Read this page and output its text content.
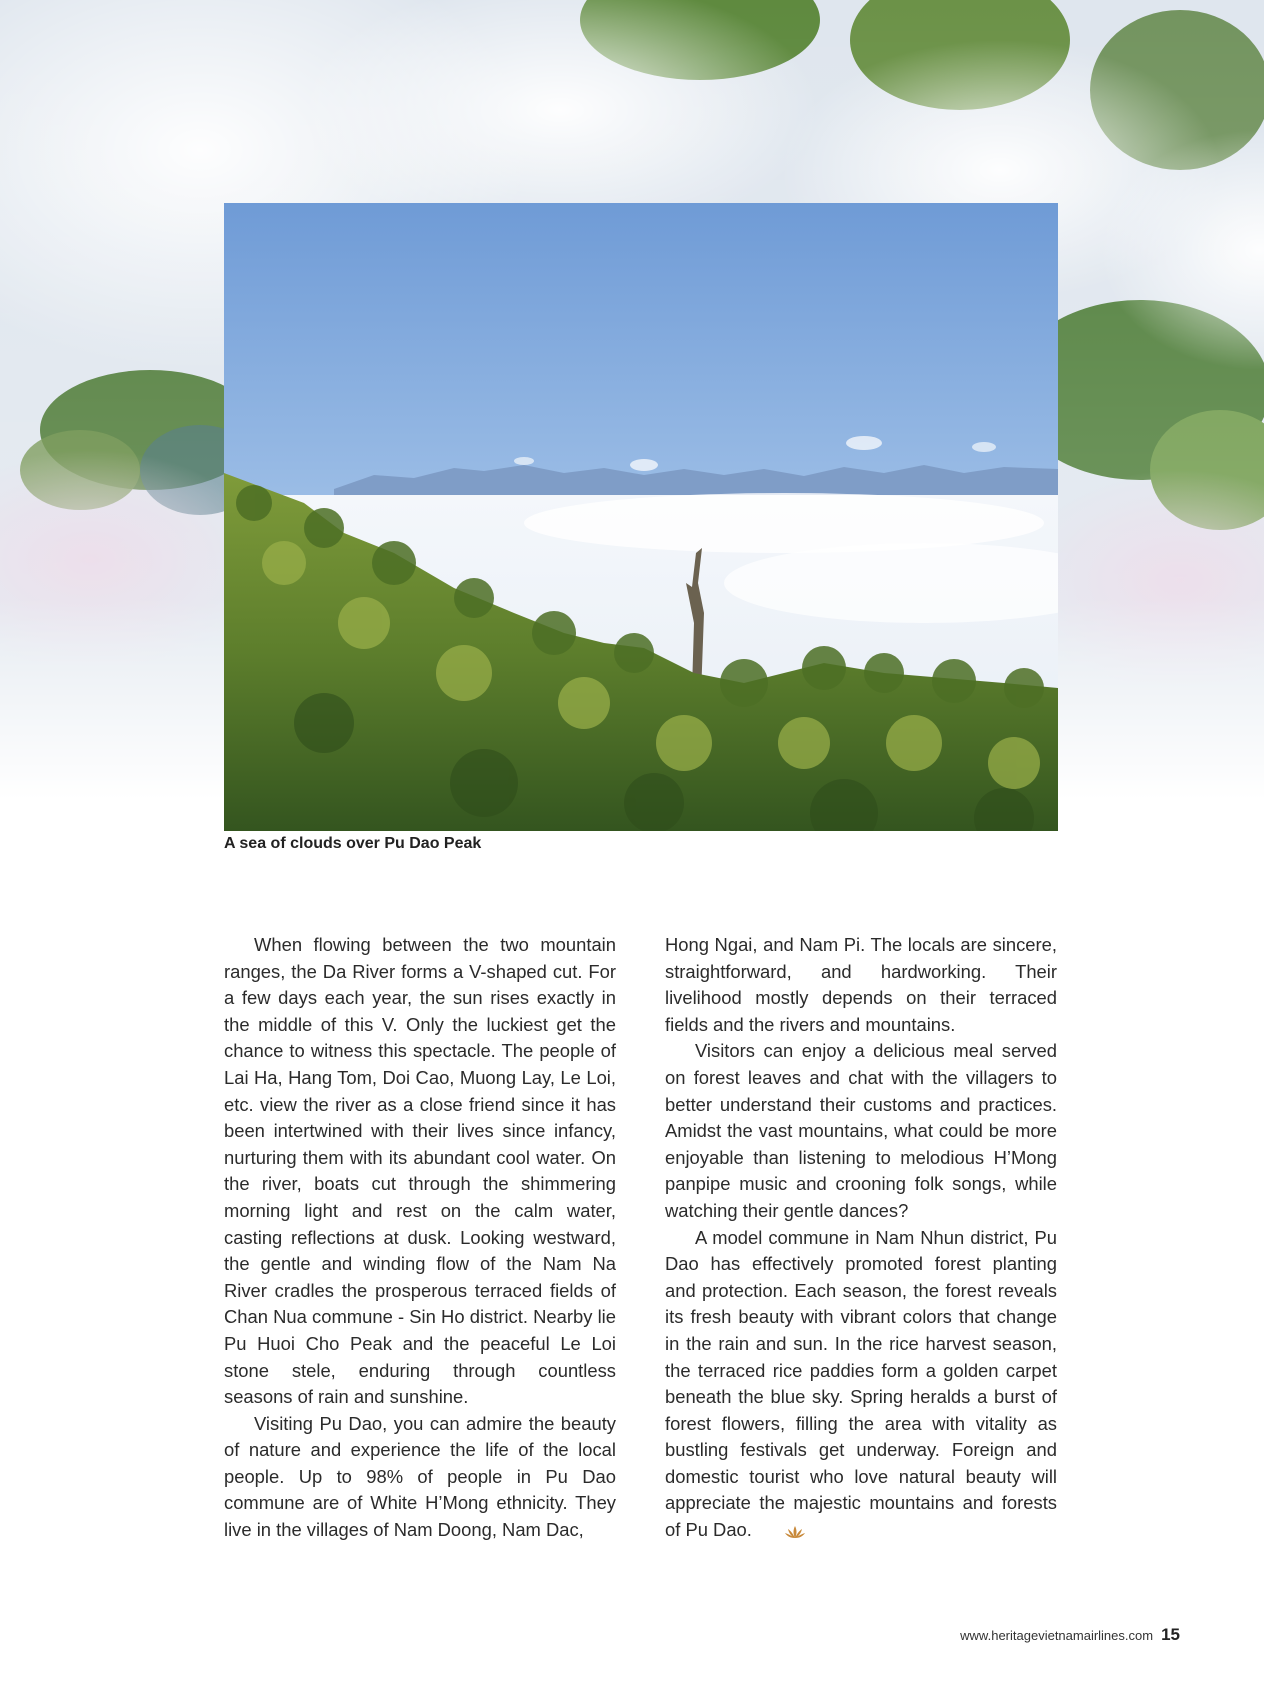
A sea of clouds over Pu Dao Peak

When flowing between the two mountain ranges, the Da River forms a V-shaped cut. For a few days each year, the sun rises exactly in the middle of this V. Only the luckiest get the chance to witness this spectacle. The people of Lai Ha, Hang Tom, Doi Cao, Muong Lay, Le Loi, etc. view the river as a close friend since it has been intertwined with their lives since infancy, nurturing them with its abundant cool water. On the river, boats cut through the shimmering morning light and rest on the calm water, casting reflections at dusk. Looking westward, the gentle and winding flow of the Nam Na River cradles the prosperous terraced fields of Chan Nua commune - Sin Ho district. Nearby lie Pu Huoi Cho Peak and the peaceful Le Loi stone stele, enduring through countless seasons of rain and sunshine.

Visiting Pu Dao, you can admire the beauty of nature and experience the life of the local people. Up to 98% of people in Pu Dao commune are of White H’Mong ethnicity. They live in the villages of Nam Doong, Nam Dac,

Hong Ngai, and Nam Pi. The locals are sincere, straightforward, and hardworking. Their livelihood mostly depends on their terraced fields and the rivers and mountains.

Visitors can enjoy a delicious meal served on forest leaves and chat with the villagers to better understand their customs and practices. Amidst the vast mountains, what could be more enjoyable than listening to melodious H’Mong panpipe music and crooning folk songs, while watching their gentle dances?

A model commune in Nam Nhun district, Pu Dao has effectively promoted forest planting and protection. Each season, the forest reveals its fresh beauty with vibrant colors that change in the rain and sun. In the rice harvest season, the terraced rice paddies form a golden carpet beneath the blue sky. Spring heralds a burst of forest flowers, filling the area with vitality as bustling festivals get underway. Foreign and domestic tourist who love natural beauty will appreciate the majestic mountains and forests of Pu Dao.

www.heritagevietnamairlines.com 15
